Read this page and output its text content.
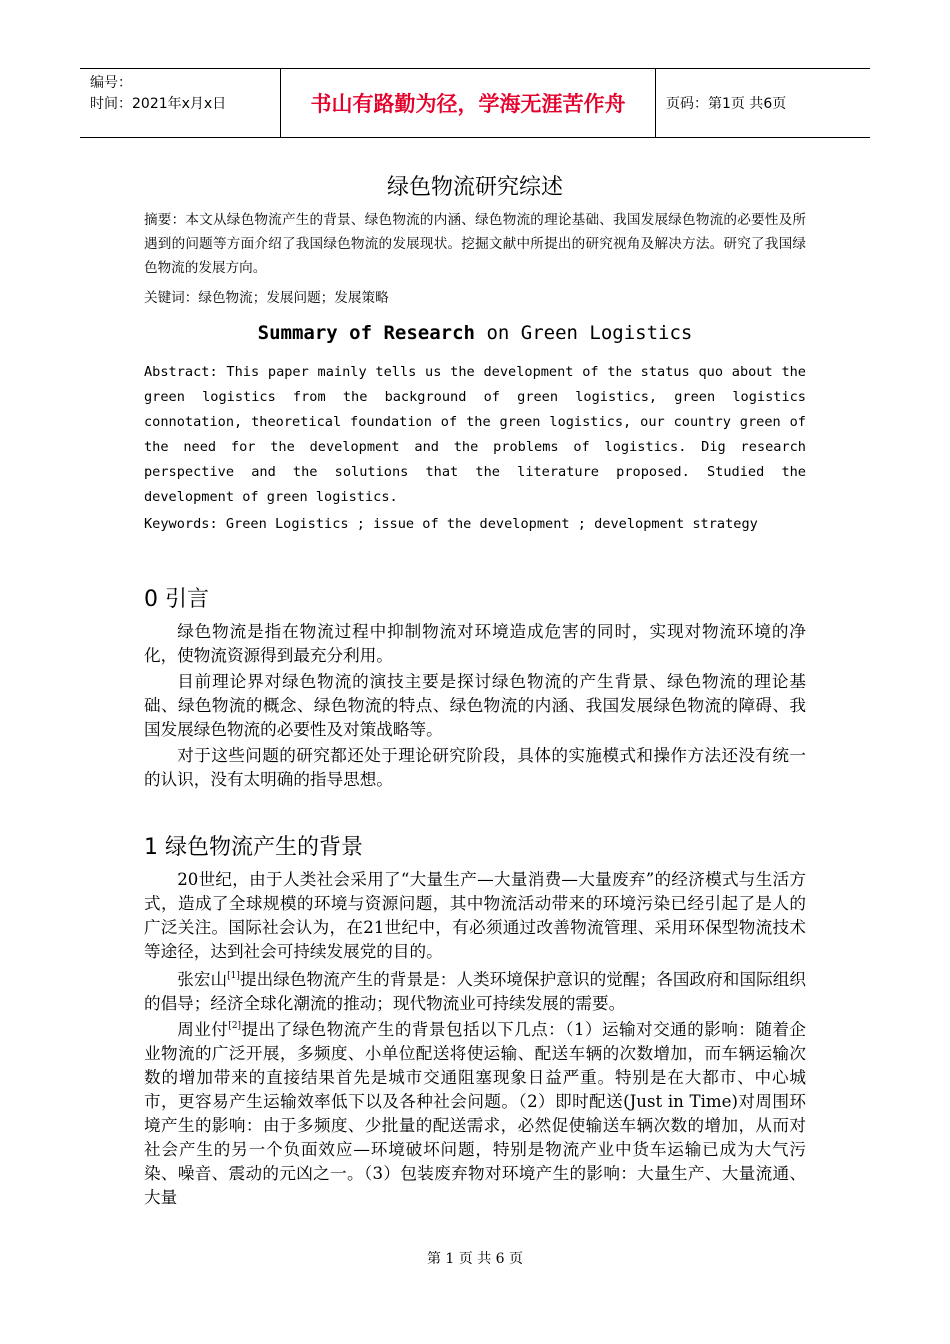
编号：
时间：2021年x月x日	书山有路勤为径，学海无涯苦作舟	页码：第1页 共6页
绿色物流研究综述
摘要：本文从绿色物流产生的背景、绿色物流的内涵、绿色物流的理论基础、我国发展绿色物流的必要性及所遇到的问题等方面介绍了我国绿色物流的发展现状。挖掘文献中所提出的研究视角及解决方法。研究了我国绿色物流的发展方向。
关键词：绿色物流；发展问题；发展策略
Summary of Research on Green Logistics
Abstract: This paper mainly tells us the development of the status quo about the green logistics from the background of green logistics, green logistics connotation, theoretical foundation of the green logistics, our country green of the need for the development and the problems of logistics. Dig research perspective and the solutions that the literature proposed. Studied the development of green logistics.
Keywords: Green Logistics ; issue of the development ; development strategy
0 引言

绿色物流是指在物流过程中抑制物流对环境造成危害的同时，实现对物流环境的净化，使物流资源得到最充分利用。

目前理论界对绿色物流的演技主要是探讨绿色物流的产生背景、绿色物流的理论基础、绿色物流的概念、绿色物流的特点、绿色物流的内涵、我国发展绿色物流的障碍、我国发展绿色物流的必要性及对策战略等。

对于这些问题的研究都还处于理论研究阶段，具体的实施模式和操作方法还没有统一的认识，没有太明确的指导思想。

1 绿色物流产生的背景

20世纪，由于人类社会采用了“大量生产—大量消费—大量废弃”的经济模式与生活方式，造成了全球规模的环境与资源问题，其中物流活动带来的环境污染已经引起了是人的广泛关注。国际社会认为，在21世纪中，有必须通过改善物流管理、采用环保型物流技术等途径，达到社会可持续发展党的目的。

张宏山[1]提出绿色物流产生的背景是：人类环境保护意识的觉醒；各国政府和国际组织的倡导；经济全球化潮流的推动；现代物流业可持续发展的需要。

周业付[2]提出了绿色物流产生的背景包括以下几点：（1）运输对交通的影响：随着企业物流的广泛开展，多频度、小单位配送将使运输、配送车辆的次数增加，而车辆运输次数的增加带来的直接结果首先是城市交通阻塞现象日益严重。特别是在大都市、中心城市，更容易产生运输效率低下以及各种社会问题。（2）即时配送(Just in Time)对周围环境产生的影响：由于多频度、少批量的配送需求，必然促使输送车辆次数的增加，从而对社会产生的另一个负面效应—环境破坏问题，特别是物流产业中货车运输已成为大气污染、噪音、震动的元凶之一。（3）包装废弃物对环境产生的影响：大量生产、大量流通、大量

第 1 页 共 6 页
